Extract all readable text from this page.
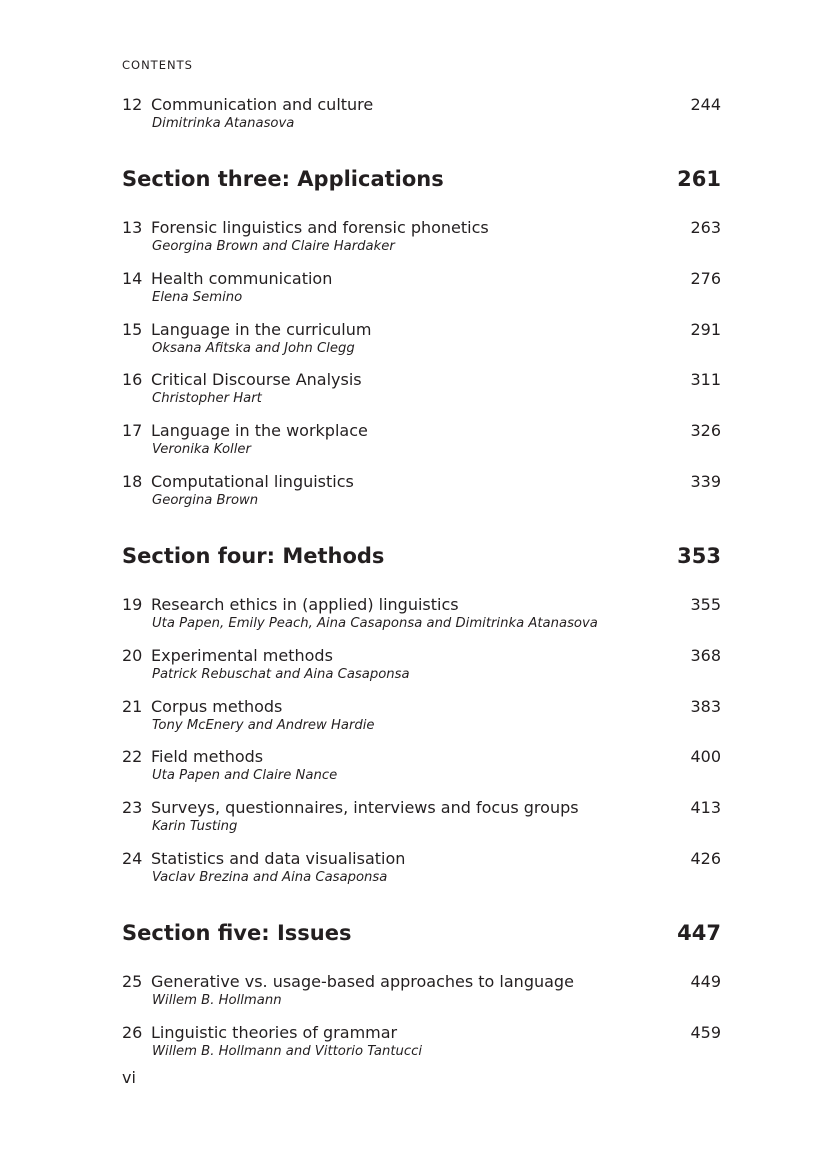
CONTENTS
12 Communication and culture	244
Dimitrinka Atanasova
Section three: Applications	261
13 Forensic linguistics and forensic phonetics	263
Georgina Brown and Claire Hardaker
14 Health communication	276
Elena Semino
15 Language in the curriculum	291
Oksana Afitska and John Clegg
16 Critical Discourse Analysis	311
Christopher Hart
17 Language in the workplace	326
Veronika Koller
18 Computational linguistics	339
Georgina Brown
Section four: Methods	353
19 Research ethics in (applied) linguistics	355
Uta Papen, Emily Peach, Aina Casaponsa and Dimitrinka Atanasova
20 Experimental methods	368
Patrick Rebuschat and Aina Casaponsa
21 Corpus methods	383
Tony McEnery and Andrew Hardie
22 Field methods	400
Uta Papen and Claire Nance
23 Surveys, questionnaires, interviews and focus groups	413
Karin Tusting
24 Statistics and data visualisation	426
Vaclav Brezina and Aina Casaponsa
Section five: Issues	447
25 Generative vs. usage-based approaches to language	449
Willem B. Hollmann
26 Linguistic theories of grammar	459
Willem B. Hollmann and Vittorio Tantucci
vi
